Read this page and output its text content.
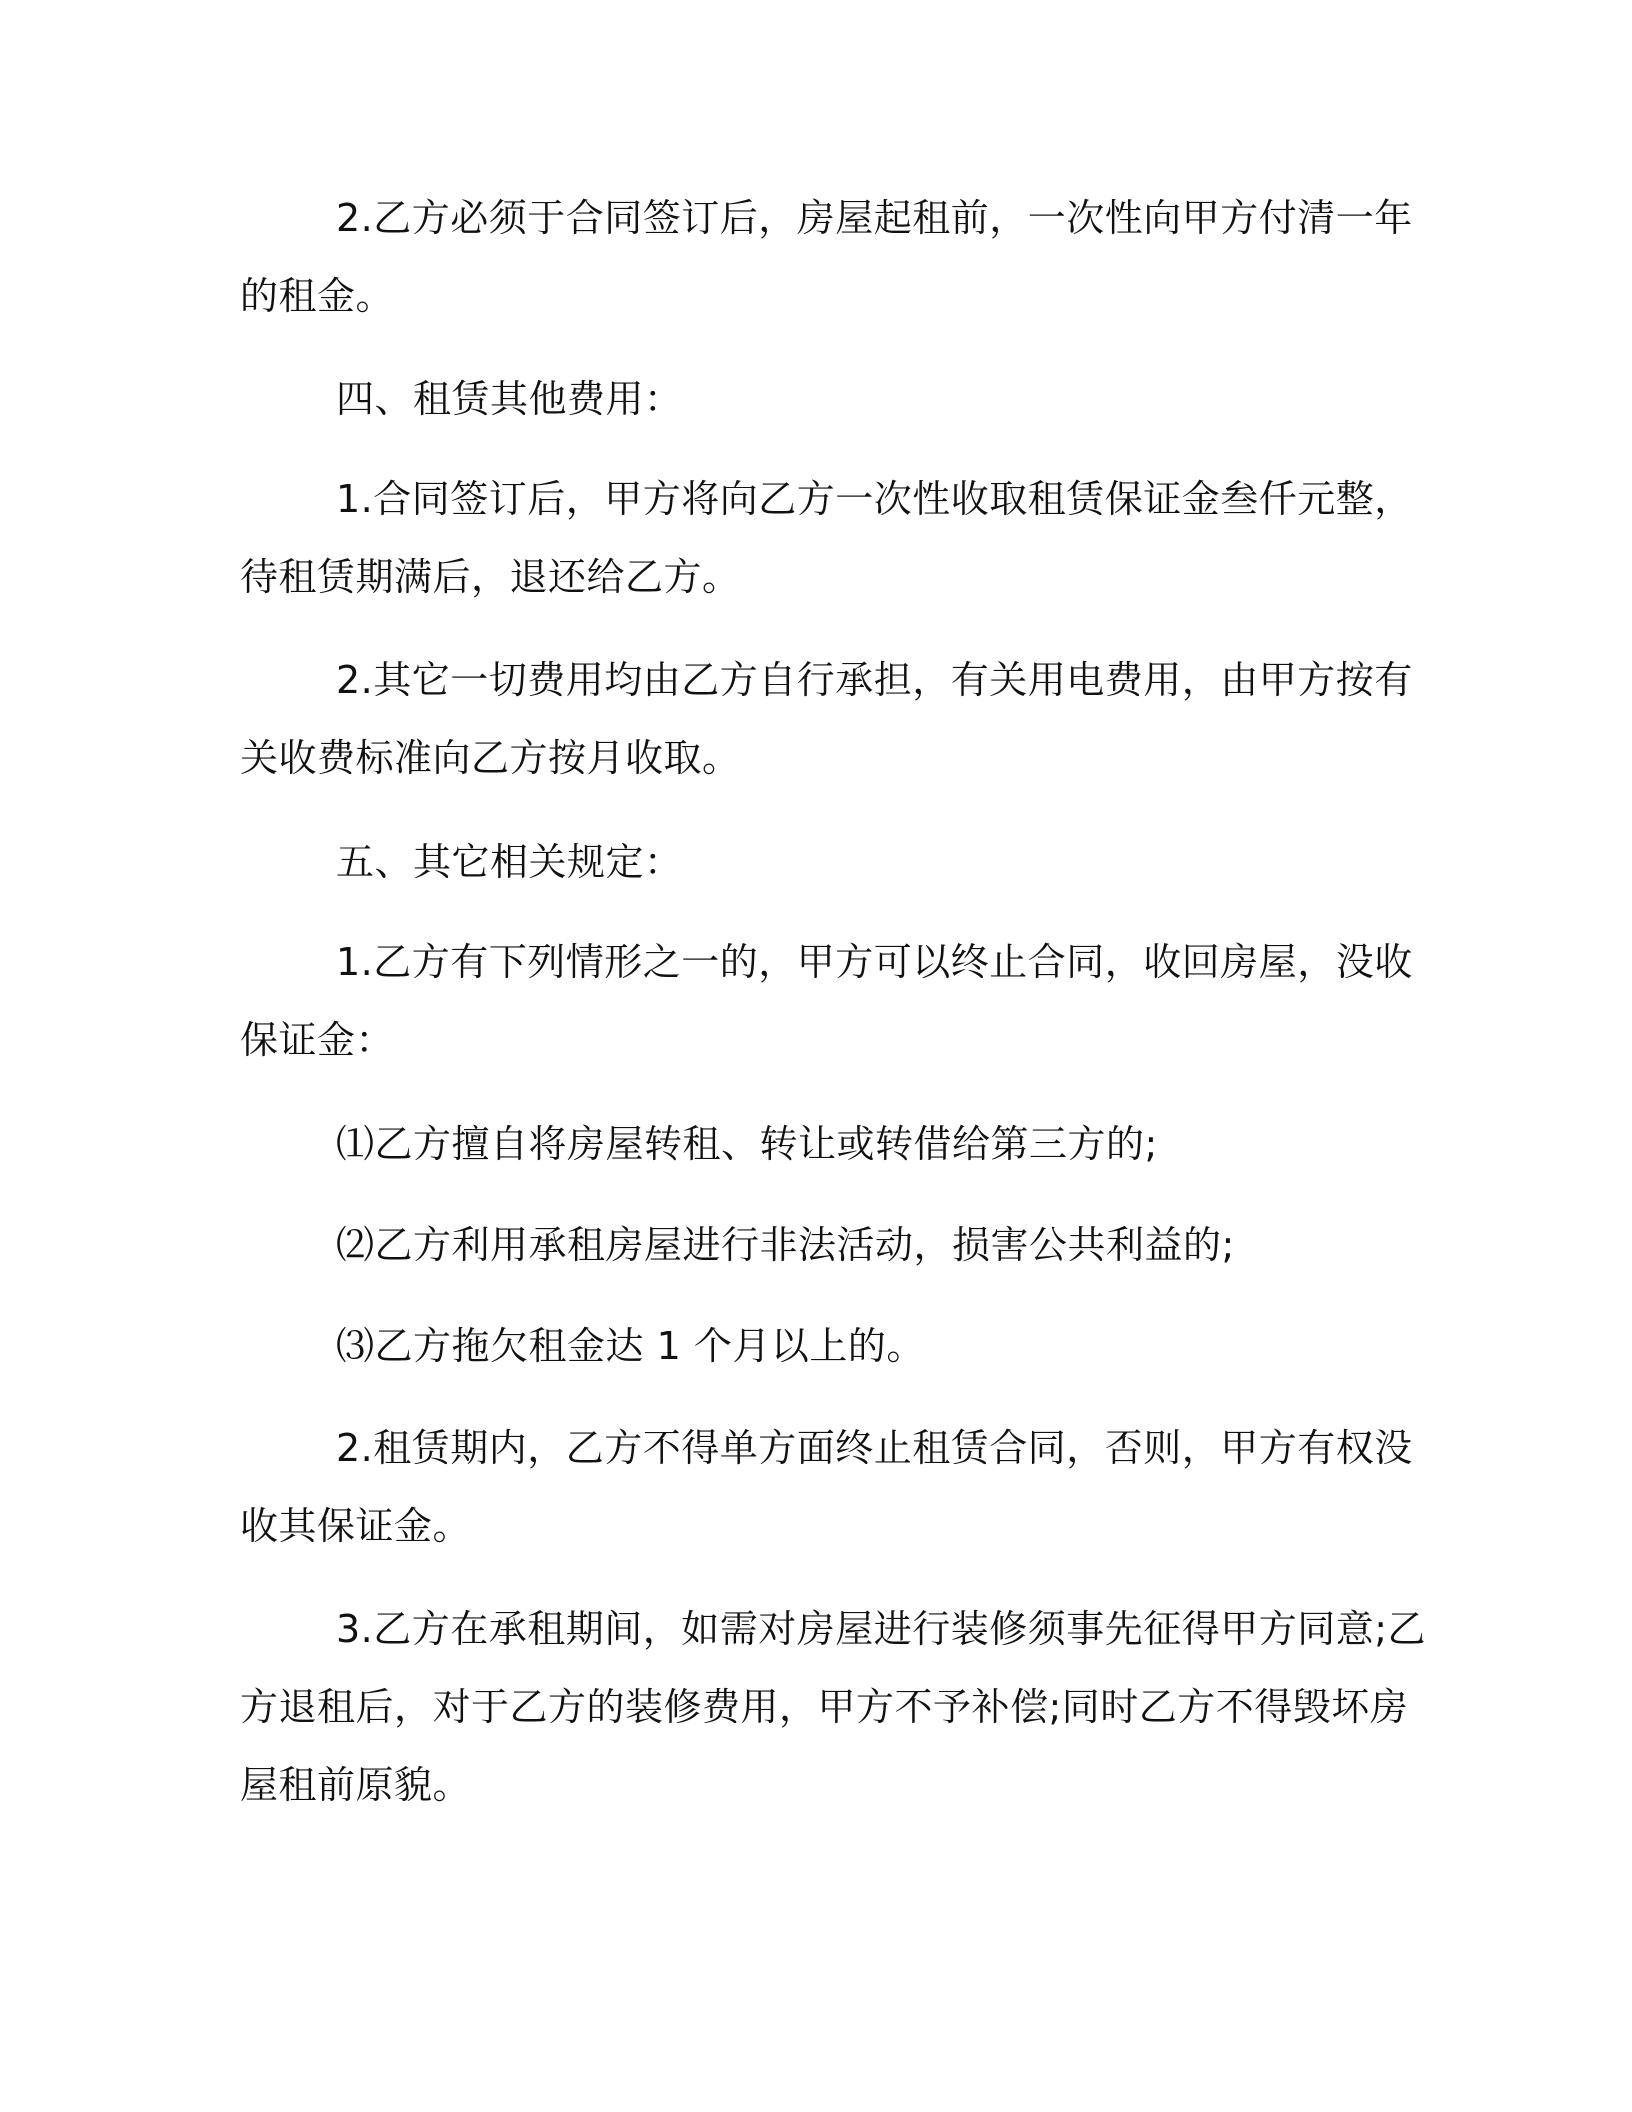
2.乙方必须于合同签订后，房屋起租前，一次性向甲方付清一年
的租金。
四、租赁其他费用：
1.合同签订后，甲方将向乙方一次性收取租赁保证金叁仟元整，
待租赁期满后，退还给乙方。
2.其它一切费用均由乙方自行承担，有关用电费用，由甲方按有
关收费标准向乙方按月收取。
五、其它相关规定：
1.乙方有下列情形之一的，甲方可以终止合同，收回房屋，没收
保证金：
⑴乙方擅自将房屋转租、转让或转借给第三方的;
⑵乙方利用承租房屋进行非法活动，损害公共利益的;
⑶乙方拖欠租金达 1 个月以上的。
2.租赁期内，乙方不得单方面终止租赁合同，否则，甲方有权没
收其保证金。
3.乙方在承租期间，如需对房屋进行装修须事先征得甲方同意;乙
方退租后，对于乙方的装修费用，甲方不予补偿;同时乙方不得毁坏房
屋租前原貌。
